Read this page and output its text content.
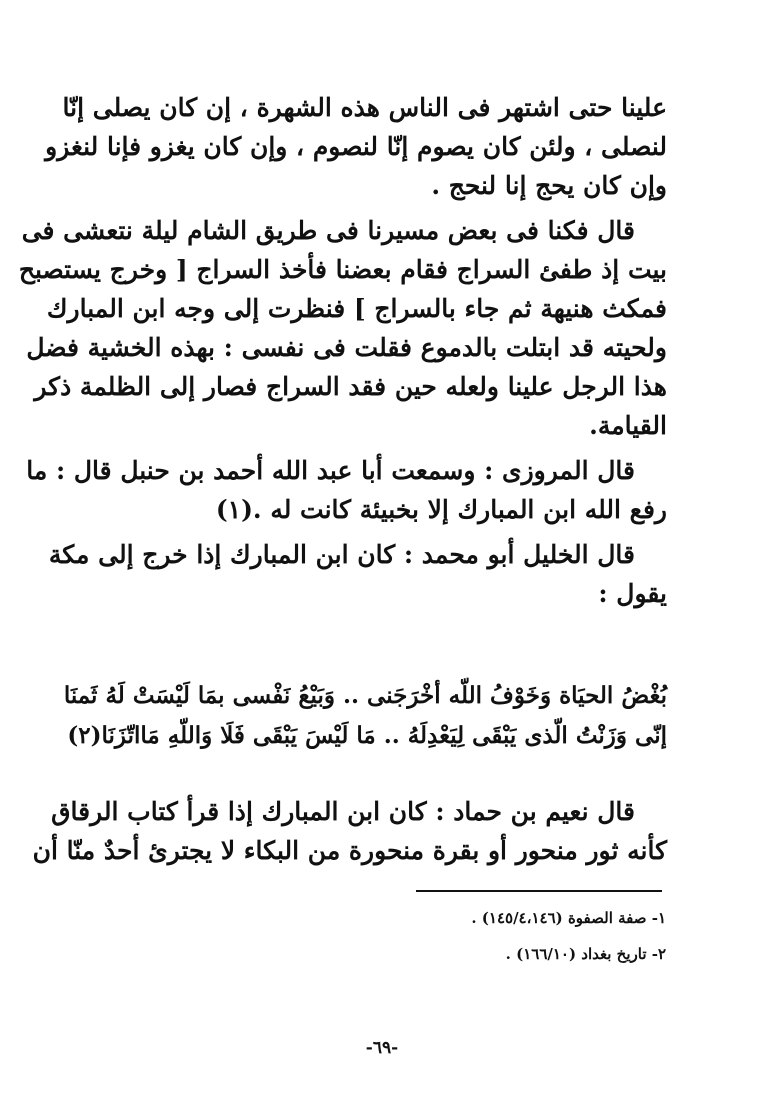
علينا حتى اشتهر فى الناس هذه الشهرة ، إن كان يصلى إنّا
لنصلى ، ولئن كان يصوم إنّا لنصوم ، وإن كان يغزو فإنا لنغزو
وإن كان يحج إنا لنحج .
قال فكنا فى بعض مسيرنا فى طريق الشام ليلة نتعشى فى
بيت إذ طفئ السراج فقام بعضنا فأخذ السراج [ وخرج يستصبح
فمكث هنيهة ثم جاء بالسراج ] فنظرت إلى وجه ابن المبارك
ولحيته قد ابتلت بالدموع فقلت فى نفسى : بهذه الخشية فضل
هذا الرجل علينا ولعله حين فقد السراج فصار إلى الظلمة ذكر
القيامة.
قال المروزى : وسمعت أبا عبد الله أحمد بن حنبل قال : ما
رفع الله ابن المبارك إلا بخبيئة كانت له .(١)
قال الخليل أبو محمد : كان ابن المبارك إذا خرج إلى مكة
يقول :
بُغْضُ الحيَاة وَخَوْفُ اللّه أخْرَجَنى
..
وَبَيْعُ نَفْسى بمَا لَيْسَتْ لَهُ ثَمنَا
إنّى وَزَنْتُ الّذى يَبْقَى لِيَعْدِلَهُ
..
مَا لَيْسَ يَبْقَى فَلَا وَاللّهِ مَااتّزَنَا(٢)
قال نعيم بن حماد : كان ابن المبارك إذا قرأ كتاب الرقاق
كأنه ثور منحور أو بقرة منحورة من البكاء لا يجترئ أحدٌ منّا أن
١- صفة الصفوة (١٤٥/٤،١٤٦) .
٢- تاريخ بغداد (١٦٦/١٠) .
-٦٩-
